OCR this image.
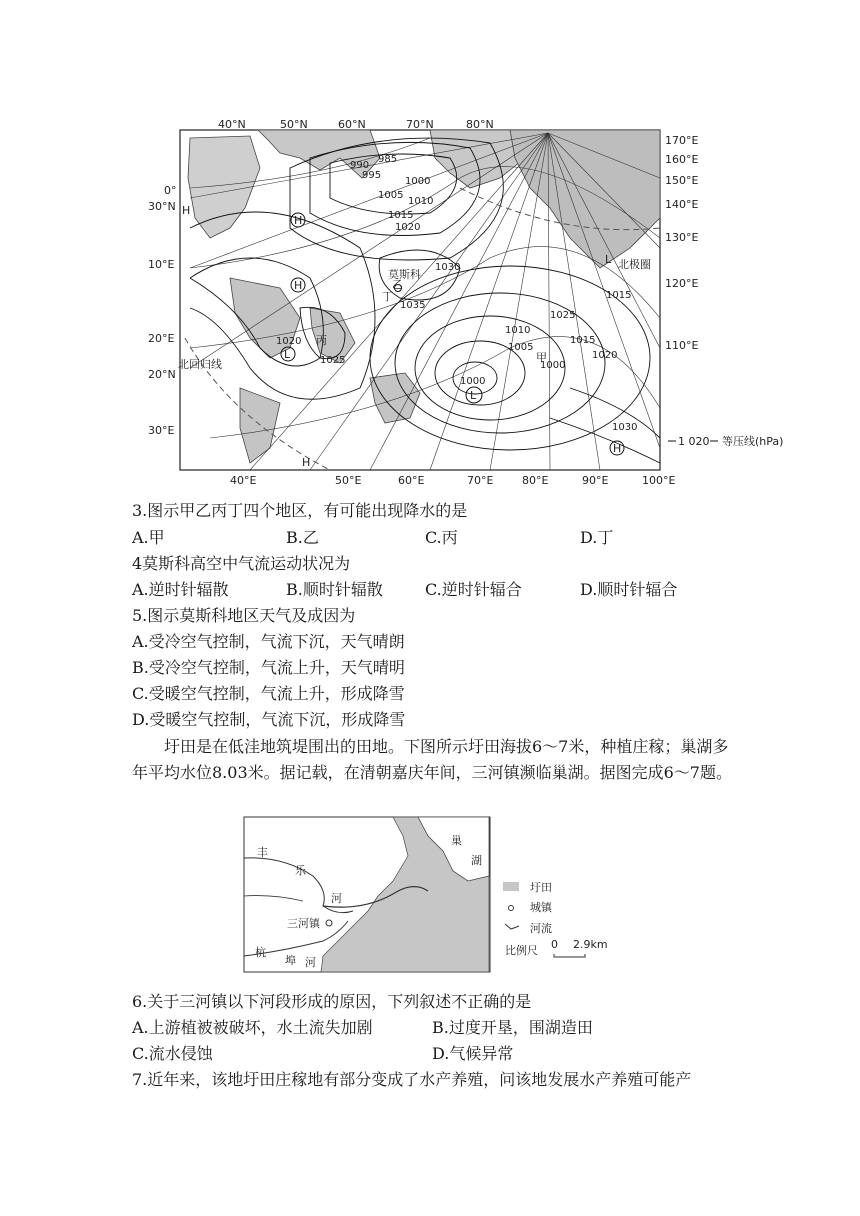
40°N	50°N	60°N	70°N	80°N
170°E
160°E
150°E
140°E
130°E
120°E
110°E
40°E	50°E	60°E	70°E	80°E	90°E	100°E
0°
30°N
10°E
20°E
20°N
30°E
990
985
995
1000
1005
1010
1015
1020
1030
1035
1025
1010
1005
1000
1015
1020
1000
1030
1020
1025
1015
H
H
H
L
L
L
H
H
甲
乙
丙
丁
莫斯科
北极圈
北回归线
1 020 等压线(hPa)
3.图示甲乙丙丁四个地区，有可能出现降水的是
A.甲	B.乙	C.丙	D.丁
4莫斯科高空中气流运动状况为
A.逆时针辐散	B.顺时针辐散	C.逆时针辐合	D.顺时针辐合
5.图示莫斯科地区天气及成因为
A.受冷空气控制，气流下沉，天气晴朗
B.受冷空气控制，气流上升，天气晴明
C.受暖空气控制，气流上升，形成降雪
D.受暖空气控制，气流下沉，形成降雪
圩田是在低洼地筑堤围出的田地。下图所示圩田海拔6～7米，种植庄稼；巢湖多年平均水位8.03米。据记载，在清朝嘉庆年间，三河镇濒临巢湖。据图完成6～7题。
巢
湖
丰
乐
河
三河镇
杭
埠 河
圩田
城镇
河流
比例尺 0 2.9km
6.关于三河镇以下河段形成的原因，下列叙述不正确的是
A.上游植被被破坏，水土流失加剧	B.过度开垦，围湖造田
C.流水侵蚀	D.气候异常
7.近年来，该地圩田庄稼地有部分变成了水产养殖，问该地发展水产养殖可能产
